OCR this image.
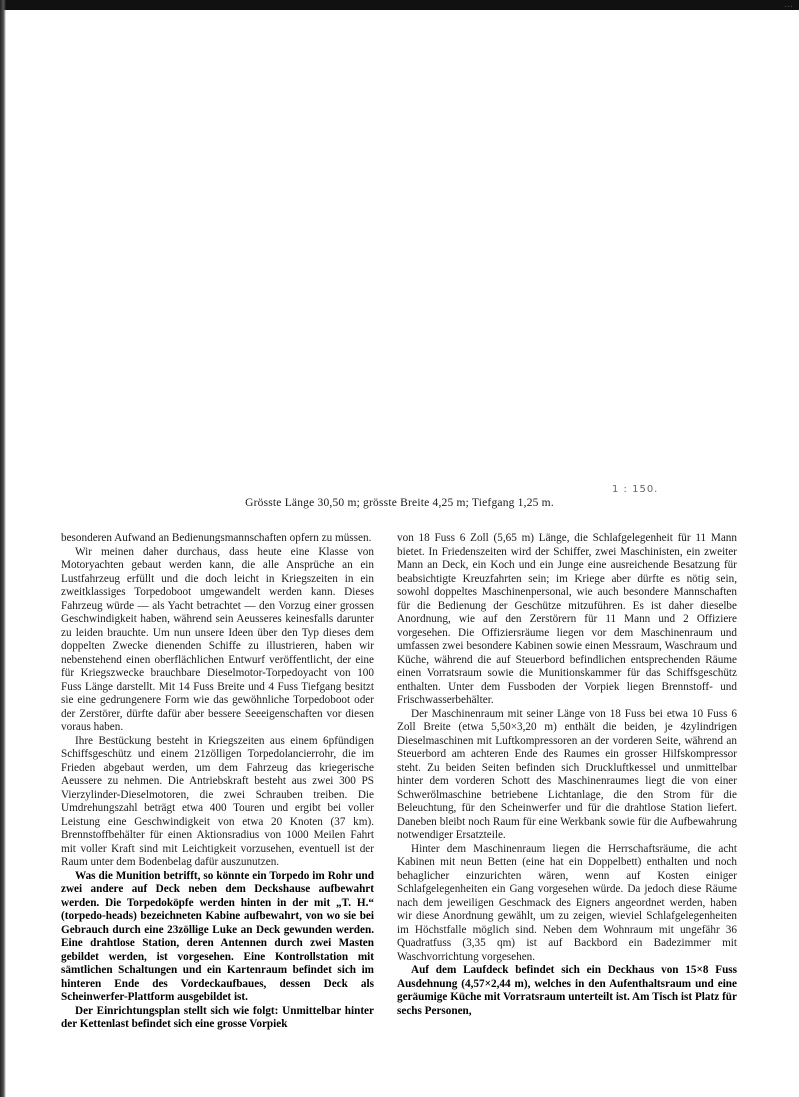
...
1 : 150.
Grösste Länge 30,50 m; grösste Breite 4,25 m; Tiefgang 1,25 m.

besonderen Aufwand an Bedienungsmannschaften opfern zu müssen.

Wir meinen daher durchaus, dass heute eine Klasse von Motoryachten gebaut werden kann, die alle Ansprüche an ein Lustfahrzeug erfüllt und die doch leicht in Kriegszeiten in ein zweitklassiges Torpedoboot umgewandelt werden kann. Dieses Fahrzeug würde — als Yacht betrachtet — den Vorzug einer grossen Geschwindigkeit haben, während sein Aeusseres keinesfalls darunter zu leiden brauchte. Um nun unsere Ideen über den Typ dieses dem doppelten Zwecke dienenden Schiffe zu illustrieren, haben wir nebenstehend einen oberflächlichen Entwurf veröffentlicht, der eine für Kriegszwecke brauchbare Dieselmotor-Torpedoyacht von 100 Fuss Länge darstellt. Mit 14 Fuss Breite und 4 Fuss Tiefgang besitzt sie eine gedrungenere Form wie das gewöhnliche Torpedoboot oder der Zerstörer, dürfte dafür aber bessere Seeeigenschaften vor diesen voraus haben.

Ihre Bestückung besteht in Kriegszeiten aus einem 6pfündigen Schiffsgeschütz und einem 21zölligen Torpedolancierrohr, die im Frieden abgebaut werden, um dem Fahrzeug das kriegerische Aeussere zu nehmen. Die Antriebskraft besteht aus zwei 300 PS Vierzylinder-Dieselmotoren, die zwei Schrauben treiben. Die Umdrehungszahl beträgt etwa 400 Touren und ergibt bei voller Leistung eine Geschwindigkeit von etwa 20 Knoten (37 km). Brennstoffbehälter für einen Aktionsradius von 1000 Meilen Fahrt mit voller Kraft sind mit Leichtigkeit vorzusehen, eventuell ist der Raum unter dem Bodenbelag dafür auszunutzen.

Was die Munition betrifft, so könnte ein Torpedo im Rohr und zwei andere auf Deck neben dem Deckshause aufbewahrt werden. Die Torpedoköpfe werden hinten in der mit „T. H.“ (torpedo-heads) bezeichneten Kabine aufbewahrt, von wo sie bei Gebrauch durch eine 23zöllige Luke an Deck gewunden werden. Eine drahtlose Station, deren Antennen durch zwei Masten gebildet werden, ist vorgesehen. Eine Kontrollstation mit sämtlichen Schaltungen und ein Kartenraum befindet sich im hinteren Ende des Vordeckaufbaues, dessen Deck als Scheinwerfer-Plattform ausgebildet ist.

Der Einrichtungsplan stellt sich wie folgt: Unmittelbar hinter der Kettenlast befindet sich eine grosse Vorpiek

von 18 Fuss 6 Zoll (5,65 m) Länge, die Schlafgelegenheit für 11 Mann bietet. In Friedenszeiten wird der Schiffer, zwei Maschinisten, ein zweiter Mann an Deck, ein Koch und ein Junge eine ausreichende Besatzung für beabsichtigte Kreuzfahrten sein; im Kriege aber dürfte es nötig sein, sowohl doppeltes Maschinenpersonal, wie auch besondere Mannschaften für die Bedienung der Geschütze mitzuführen. Es ist daher dieselbe Anordnung, wie auf den Zerstörern für 11 Mann und 2 Offiziere vorgesehen. Die Offiziersräume liegen vor dem Maschinenraum und umfassen zwei besondere Kabinen sowie einen Messraum, Waschraum und Küche, während die auf Steuerbord befindlichen entsprechenden Räume einen Vorratsraum sowie die Munitionskammer für das Schiffsgeschütz enthalten. Unter dem Fussboden der Vorpiek liegen Brennstoff- und Frischwasserbehälter.

Der Maschinenraum mit seiner Länge von 18 Fuss bei etwa 10 Fuss 6 Zoll Breite (etwa 5,50×3,20 m) enthält die beiden, je 4zylindrigen Dieselmaschinen mit Luftkompressoren an der vorderen Seite, während an Steuerbord am achteren Ende des Raumes ein grosser Hilfskompressor steht. Zu beiden Seiten befinden sich Druckluftkessel und unmittelbar hinter dem vorderen Schott des Maschinenraumes liegt die von einer Schwerölmaschine betriebene Lichtanlage, die den Strom für die Beleuchtung, für den Scheinwerfer und für die drahtlose Station liefert. Daneben bleibt noch Raum für eine Werkbank sowie für die Aufbewahrung notwendiger Ersatzteile.

Hinter dem Maschinenraum liegen die Herrschaftsräume, die acht Kabinen mit neun Betten (eine hat ein Doppelbett) enthalten und noch behaglicher einzurichten wären, wenn auf Kosten einiger Schlafgelegenheiten ein Gang vorgesehen würde. Da jedoch diese Räume nach dem jeweiligen Geschmack des Eigners angeordnet werden, haben wir diese Anordnung gewählt, um zu zeigen, wieviel Schlafgelegenheiten im Höchstfalle möglich sind. Neben dem Wohnraum mit ungefähr 36 Quadratfuss (3,35 qm) ist auf Backbord ein Badezimmer mit Waschvorrichtung vorgesehen.

Auf dem Laufdeck befindet sich ein Deckhaus von 15×8 Fuss Ausdehnung (4,57×2,44 m), welches in den Aufenthaltsraum und eine geräumige Küche mit Vorratsraum unterteilt ist. Am Tisch ist Platz für sechs Personen,
